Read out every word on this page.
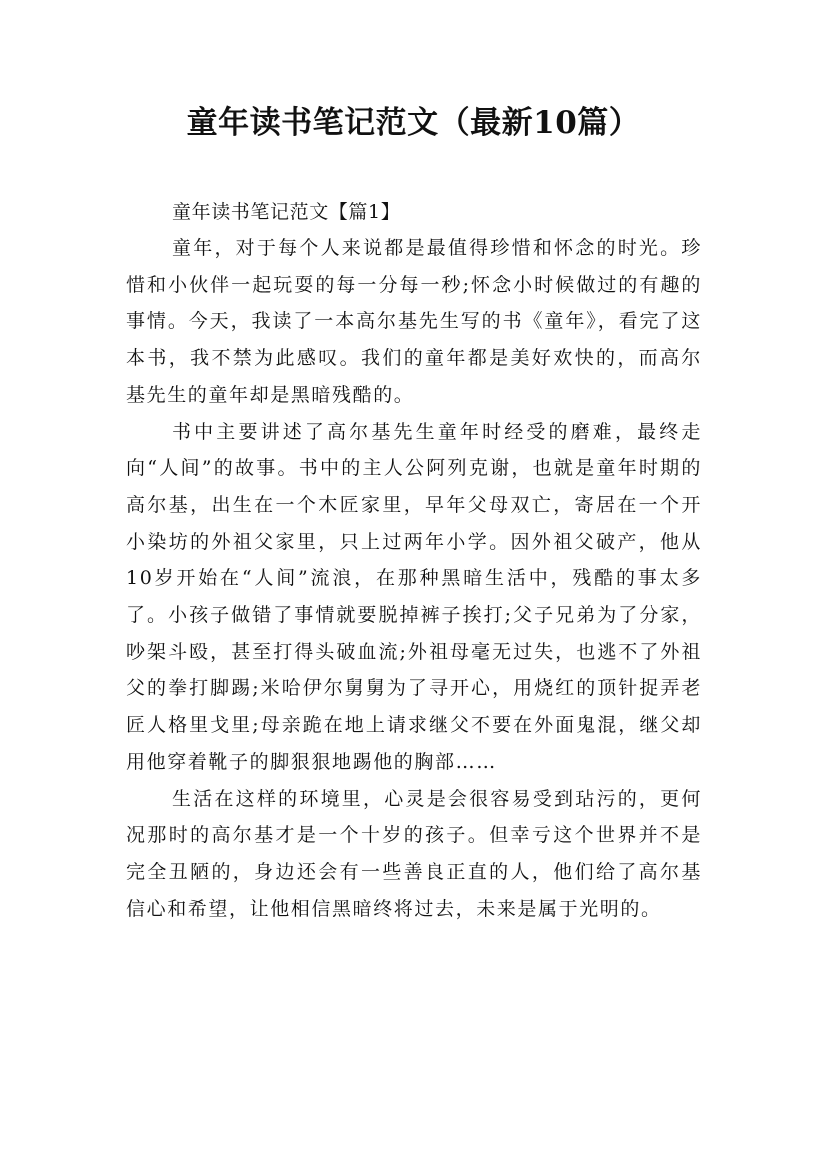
童年读书笔记范文（最新10篇）

童年读书笔记范文【篇1】

童年，对于每个人来说都是最值得珍惜和怀念的时光。珍惜和小伙伴一起玩耍的每一分每一秒;怀念小时候做过的有趣的事情。今天，我读了一本高尔基先生写的书《童年》，看完了这本书，我不禁为此感叹。我们的童年都是美好欢快的，而高尔基先生的童年却是黑暗残酷的。

书中主要讲述了高尔基先生童年时经受的磨难，最终走向“人间”的故事。书中的主人公阿列克谢，也就是童年时期的高尔基，出生在一个木匠家里，早年父母双亡，寄居在一个开小染坊的外祖父家里，只上过两年小学。因外祖父破产，他从10岁开始在“人间”流浪，在那种黑暗生活中，残酷的事太多了。小孩子做错了事情就要脱掉裤子挨打;父子兄弟为了分家，吵架斗殴，甚至打得头破血流;外祖母毫无过失，也逃不了外祖父的拳打脚踢;米哈伊尔舅舅为了寻开心，用烧红的顶针捉弄老匠人格里戈里;母亲跪在地上请求继父不要在外面鬼混，继父却用他穿着靴子的脚狠狠地踢他的胸部……

生活在这样的环境里，心灵是会很容易受到玷污的，更何况那时的高尔基才是一个十岁的孩子。但幸亏这个世界并不是完全丑陋的，身边还会有一些善良正直的人，他们给了高尔基信心和希望，让他相信黑暗终将过去，未来是属于光明的。
